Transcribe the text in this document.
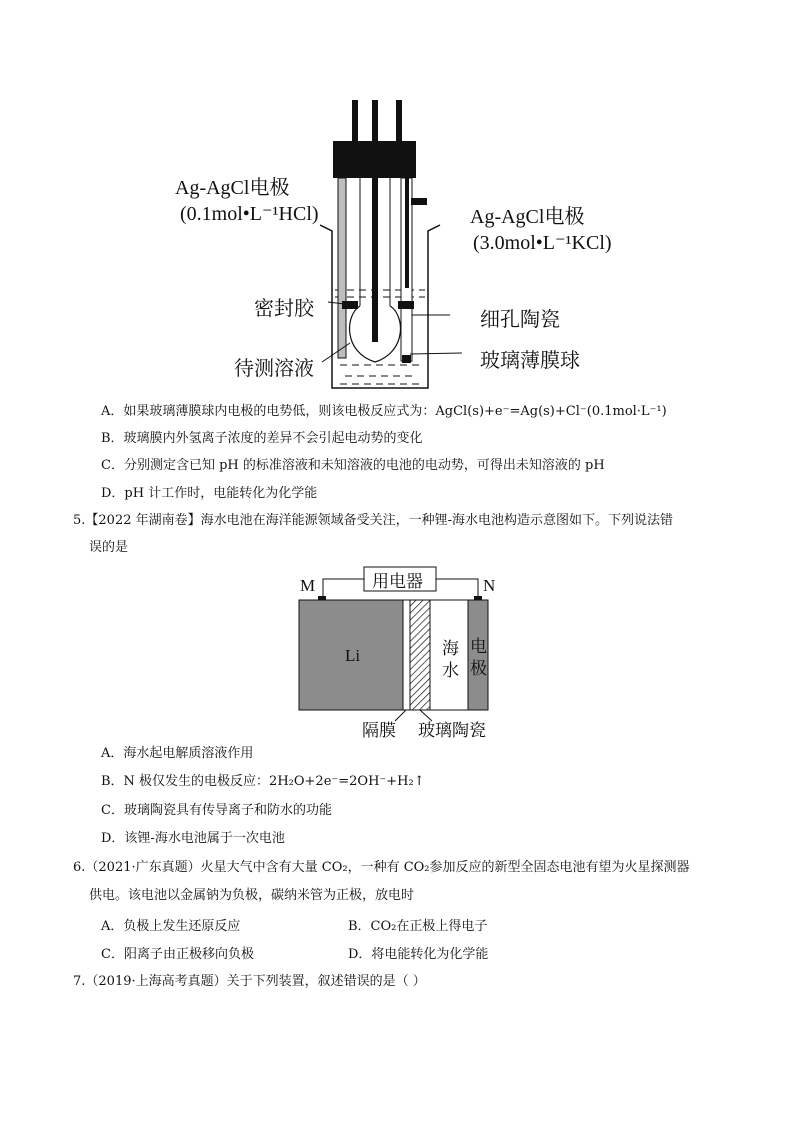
Ag-AgCl电极
(0.1mol•L⁻¹HCl)	Ag-AgCl电极
(3.0mol•L⁻¹KCl)
密封胶
待测溶液
细孔陶瓷
玻璃薄膜球
A．如果玻璃薄膜球内电极的电势低，则该电极反应式为：AgCl(s)+e⁻=Ag(s)+Cl⁻(0.1mol·L⁻¹)
B．玻璃膜内外氢离子浓度的差异不会引起电动势的变化
C．分别测定含已知 pH 的标准溶液和未知溶液的电池的电动势，可得出未知溶液的 pH
D．pH 计工作时，电能转化为化学能
5.【2022 年湖南卷】海水电池在海洋能源领域备受关注，一种锂-海水电池构造示意图如下。下列说法错
误的是
M	N
用电器
Li	海
水
电
极
隔膜 玻璃陶瓷
A．海水起电解质溶液作用
B．N 极仅发生的电极反应：2H₂O+2e⁻=2OH⁻+H₂↑
C．玻璃陶瓷具有传导离子和防水的功能
D．该锂-海水电池属于一次电池
6.（2021·广东真题）火星大气中含有大量 CO₂，一种有 CO₂参加反应的新型全固态电池有望为火星探测器
供电。该电池以金属钠为负极，碳纳米管为正极，放电时
A．负极上发生还原反应	B．CO₂在正极上得电子
C．阳离子由正极移向负极	D．将电能转化为化学能
7.（2019·上海高考真题）关于下列装置，叙述错误的是（ ）
